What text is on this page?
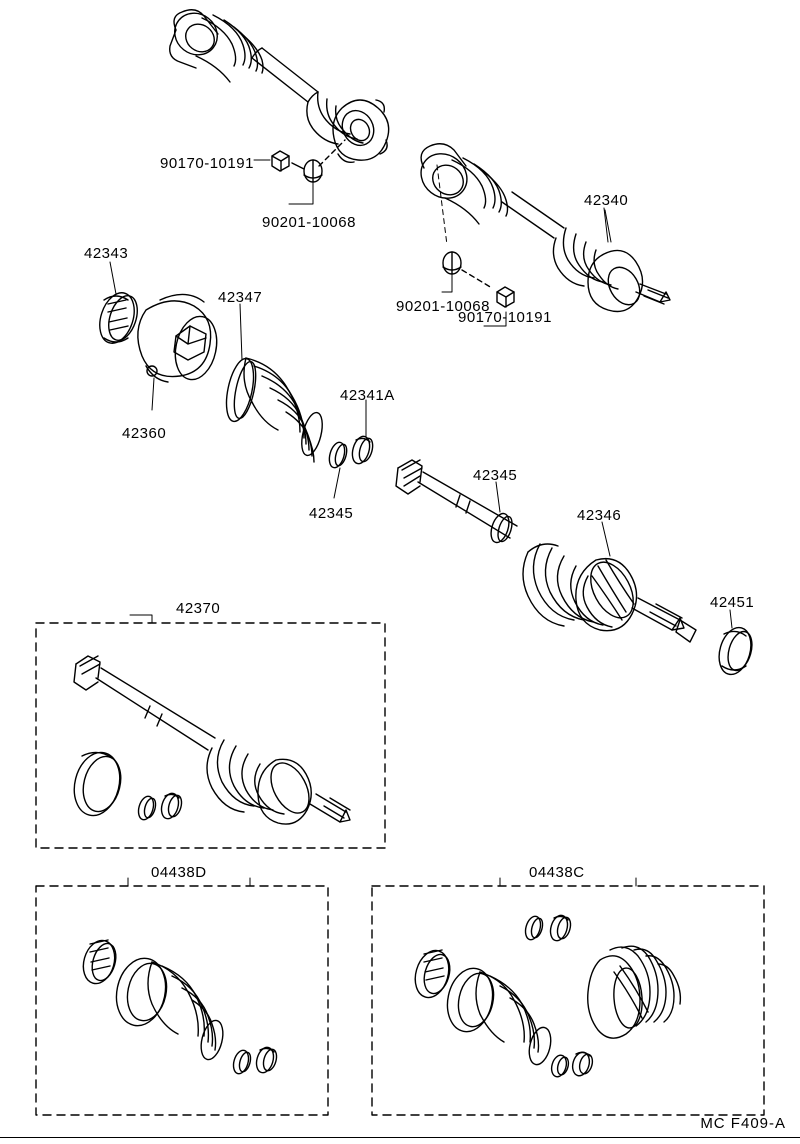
90170-10191
90201-10068
42340
90201-10068
90170-10191
42343
42347
42360
42341A
42345
42345
42346
42451
42370
04438D	04438C
MC F409-A
